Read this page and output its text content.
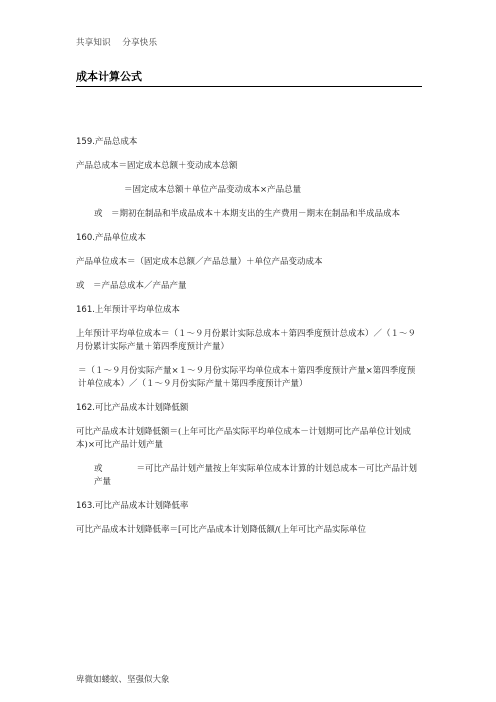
共享知识    分享快乐
成本计算公式

159.产品总成本

产品总成本＝固定成本总额＋变动成本总额

＝固定成本总额＋单位产品变动成本×产品总量

或　＝期初在制品和半成品成本＋本期支出的生产费用－期末在制品和半成品成本

160.产品单位成本

产品单位成本＝（固定成本总额／产品总量）＋单位产品变动成本

或　＝产品总成本／产品产量

161.上年预计平均单位成本

上年预计平均单位成本＝（１～９月份累计实际总成本＋第四季度预计总成本）／（１～９月份累计实际产量＋第四季度预计产量）

＝（１～９月份实际产量×１～９月份实际平均单位成本＋第四季度预计产量×第四季度预计单位成本）／（１～９月份实际产量＋第四季度预计产量）

162.可比产品成本计划降低额

可比产品成本计划降低额＝(上年可比产品实际平均单位成本－计划期可比产品单位计划成本)×可比产品计划产量

或　　　　＝可比产品计划产量按上年实际单位成本计算的计划总成本－可比产品计划产量

163.可比产品成本计划降低率

可比产品成本计划降低率＝[可比产品成本计划降低额/(上年可比产品实际单位

卑微如蝼蚁、坚强似大象
